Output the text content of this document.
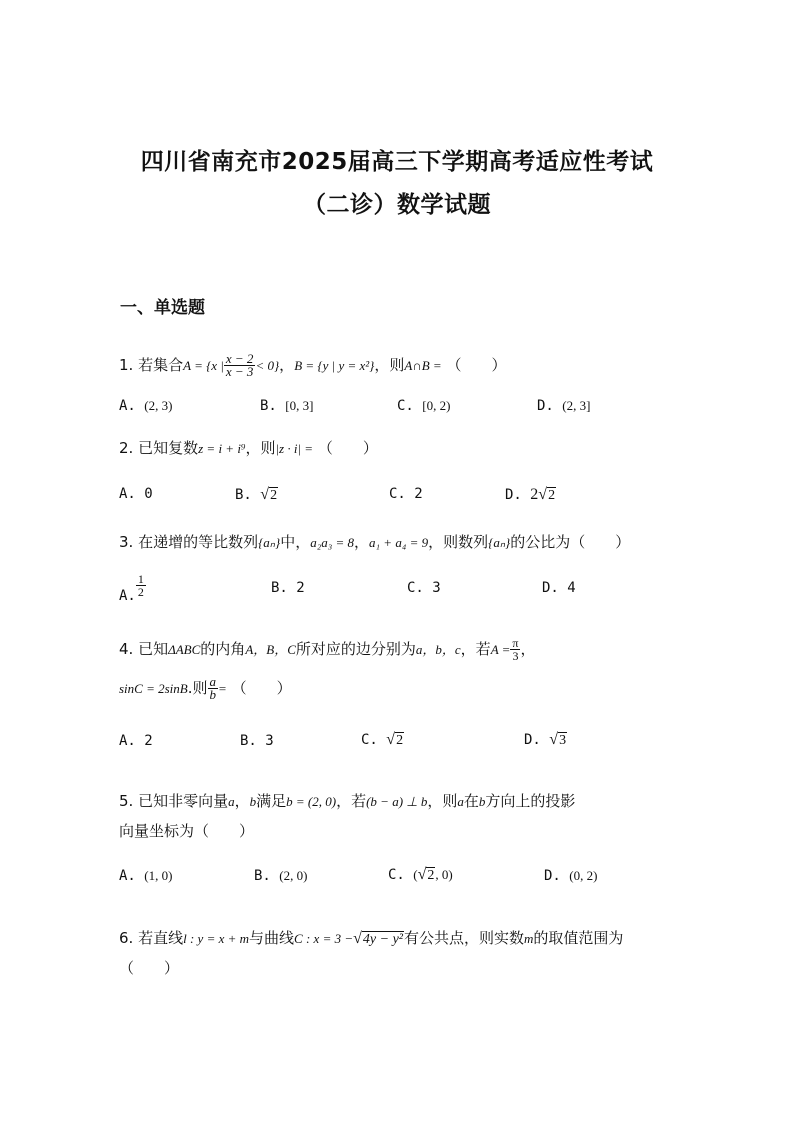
四川省南充市2025届高三下学期高考适应性考试
（二诊）数学试题
一、单选题
1. 若集合A = {x | $\frac{x - 2}{x - 3} < 0$}，B = {y | y = x²}，则A∩B = （　　）
A. (2, 3)	B. [0, 3]	C. [0, 2)	D. (2, 3]
2. 已知复数z = i + i⁹，则|z · i| = （　　）
A. 0	B. √2	C. 2	D. 2√2
3. 在递增的等比数列{aₙ}中，a₂a₃ = 8，a₁ + a₄ = 9，则数列{aₙ}的公比为（　　）
A. $\frac{1}{2}$	B. 2	C. 3	D. 4
4. 已知ΔABC的内角A，B，C所对应的边分别为a，b，c，若$A = \frac{\pi}{3}$ ，
sinC = 2sinB.则 $\frac{a}{b}$ = （　　）
A. 2	B. 3	C. √2	D. √3
5. 已知非零向量a，b满足b = (2, 0)，若(b − a) ⊥ b，则a在b方向上的投影
向量坐标为（　　）
A. (1, 0)	B. (2, 0)	C. (√2, 0)	D. (0, 2)
6. 若直线l : y = x + m与曲线C : x = 3 −√4y − y²有公共点，则实数m的取值范围为
（　　）
